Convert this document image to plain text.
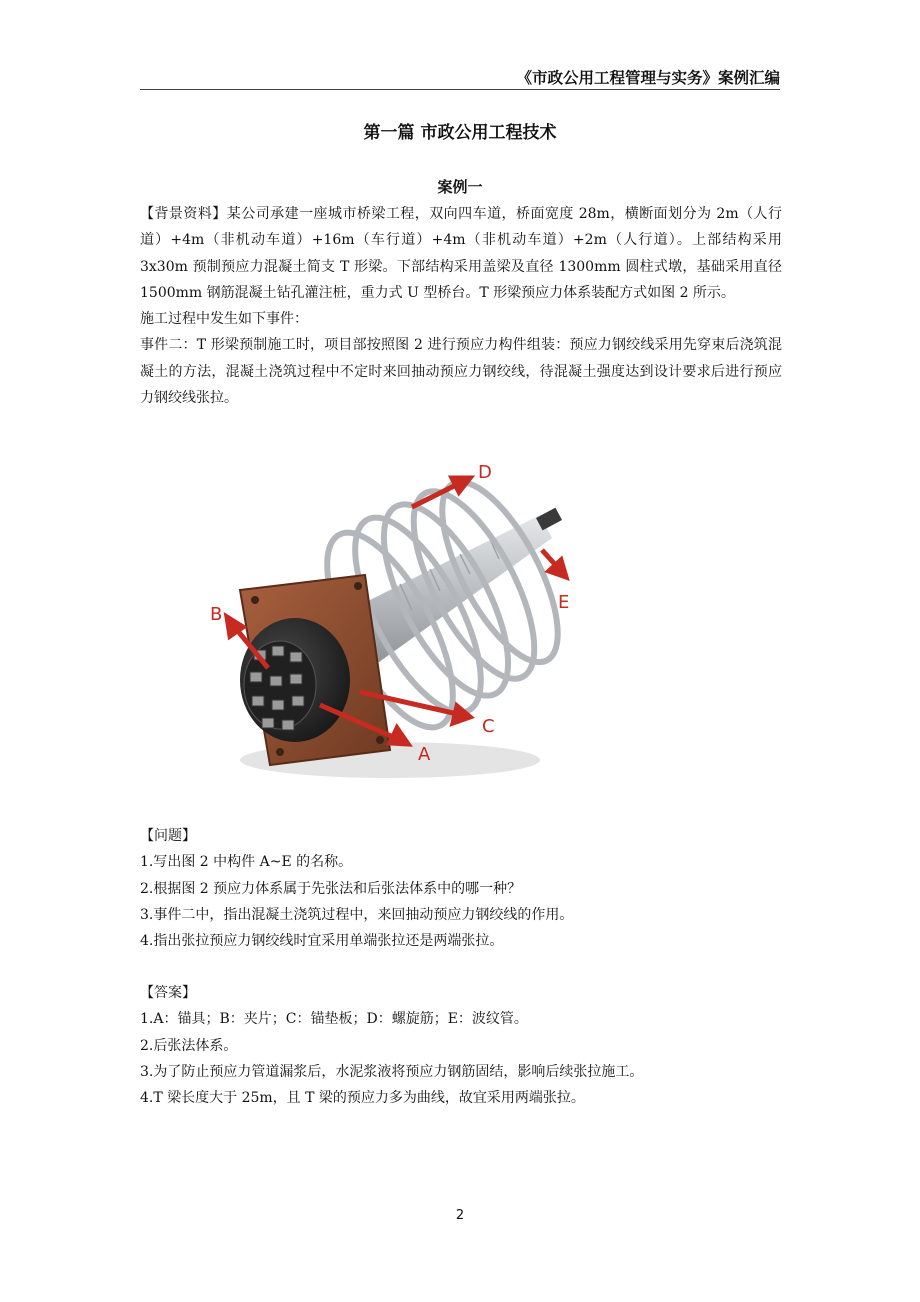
《市政公用工程管理与实务》案例汇编
第一篇 市政公用工程技术
案例一

【背景资料】某公司承建一座城市桥梁工程，双向四车道，桥面宽度 28m，横断面划分为 2m（人行道）+4m（非机动车道）+16m（车行道）+4m（非机动车道）+2m（人行道）。上部结构采用 3x30m 预制预应力混凝土简支 T 形梁。下部结构采用盖梁及直径 1300mm 圆柱式墩，基础采用直径 1500mm 钢筋混凝土钻孔灌注桩，重力式 U 型桥台。T 形梁预应力体系装配方式如图 2 所示。

施工过程中发生如下事件：

事件二：T 形梁预制施工时，项目部按照图 2 进行预应力构件组装：预应力钢绞线采用先穿束后浇筑混凝土的方法，混凝土浇筑过程中不定时来回抽动预应力钢绞线，待混凝土强度达到设计要求后进行预应力钢绞线张拉。

A
B
C
D
E

【问题】

1.写出图 2 中构件 A~E 的名称。

2.根据图 2 预应力体系属于先张法和后张法体系中的哪一种？

3.事件二中，指出混凝土浇筑过程中，来回抽动预应力钢绞线的作用。

4.指出张拉预应力钢绞线时宜采用单端张拉还是两端张拉。

【答案】

1.A：锚具；B：夹片；C：锚垫板；D：螺旋筋；E：波纹管。

2.后张法体系。

3.为了防止预应力管道漏浆后，水泥浆液将预应力钢筋固结，影响后续张拉施工。

4.T 梁长度大于 25m，且 T 梁的预应力多为曲线，故宜采用两端张拉。

2
